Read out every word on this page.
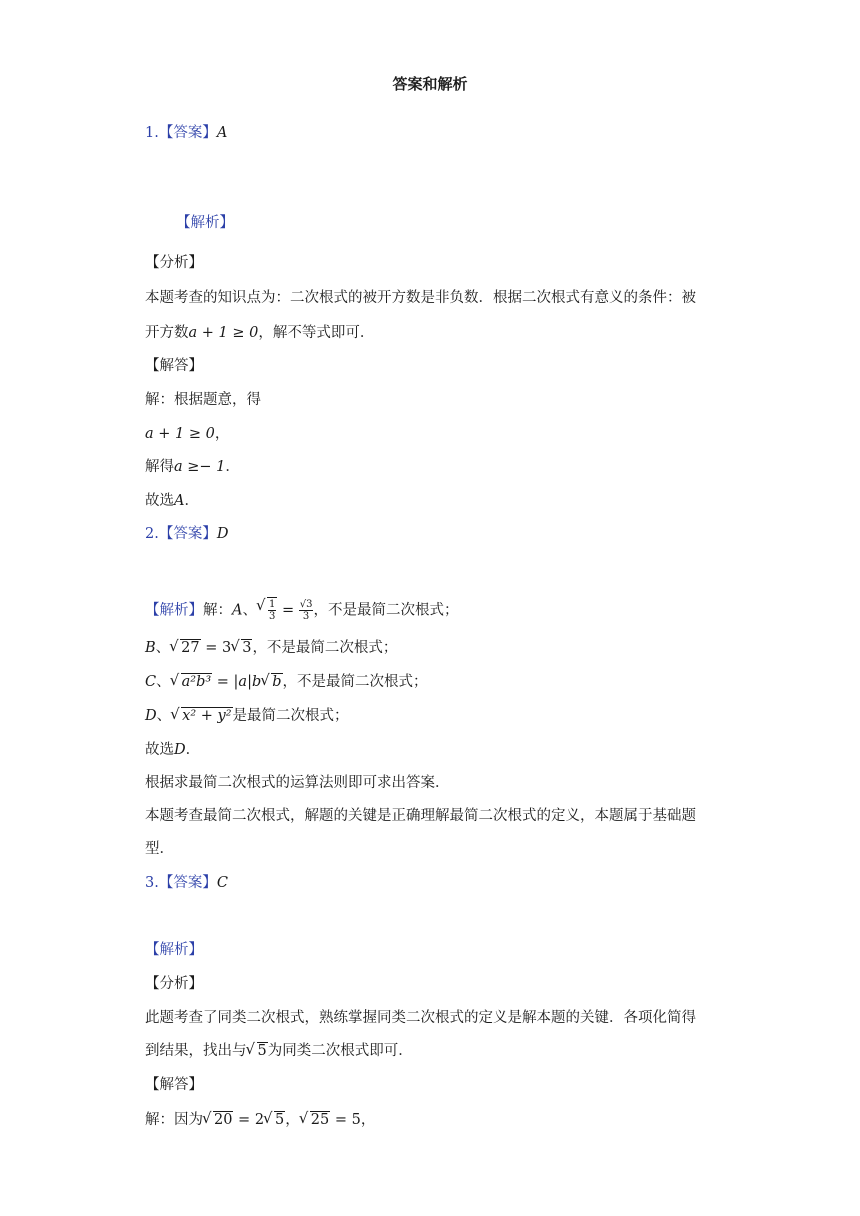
答案和解析
1.【答案】A
【解析】
【分析】
本题考查的知识点为：二次根式的被开方数是非负数．根据二次根式有意义的条件：被
开方数a + 1 ≥ 0，解不等式即可．
【解答】
解：根据题意，得
a + 1 ≥ 0，
解得a ≥− 1．
故选A．
2.【答案】D
【解析】解：A、 √ $\frac{1}{3} = \frac{√3}{3}$ ，不是最简二次根式；
B、 √ 27 = 3 √ 3，不是最简二次根式；
C、 √ a²b³ = |a|b √ b，不是最简二次根式；
D、 √ x² + y²是最简二次根式；
故选D．
根据求最简二次根式的运算法则即可求出答案．
本题考查最简二次根式，解题的关键是正确理解最简二次根式的定义，本题属于基础题
型．
3.【答案】C
【解析】
【分析】
此题考查了同类二次根式，熟练掌握同类二次根式的定义是解本题的关键．各项化简得
到结果，找出与 √ 5为同类二次根式即可．
【解答】
解：因为 √ 20 = 2 √ 5， √ 25 = 5，
